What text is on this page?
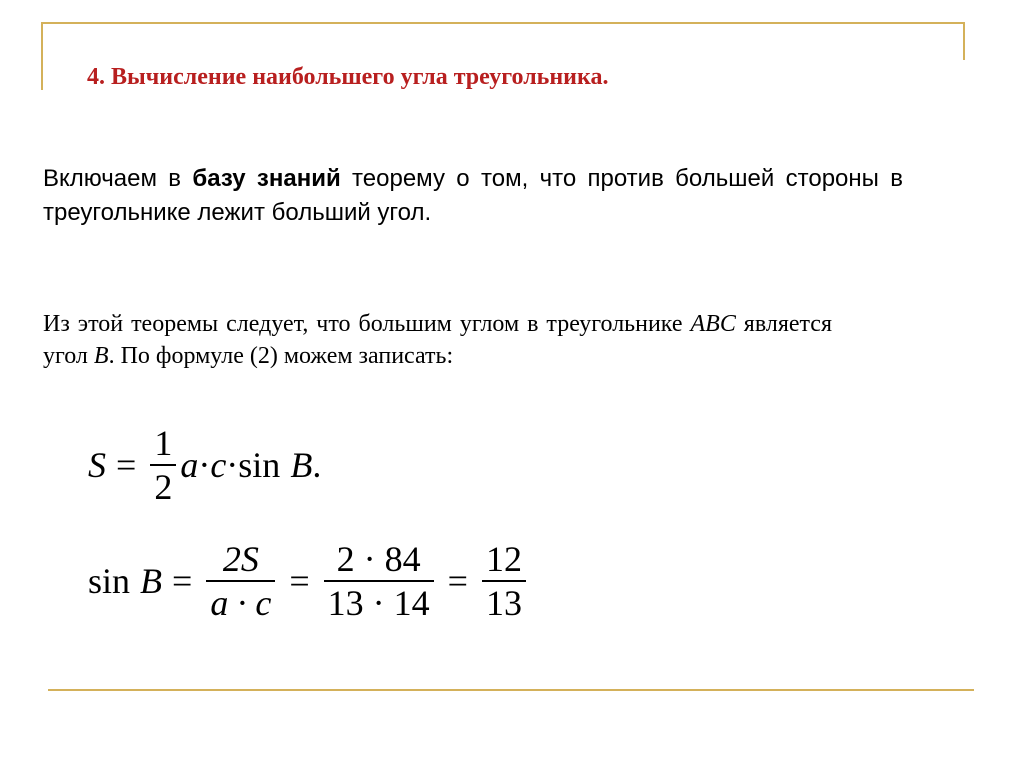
4. Вычисление наибольшего угла треугольника.
Включаем в базу знаний теорему о том, что против большей стороны в треугольнике лежит больший угол.
Из этой теоремы следует, что большим углом в треугольнике ABC является угол B. По формуле (2) можем записать:
$S = \frac{1}{2}$ a · c · sin B .
$\sin B = \frac{2S}{a \cdot c} = \frac{2 \cdot 84}{13 \cdot 14} = \frac{12}{13}$
